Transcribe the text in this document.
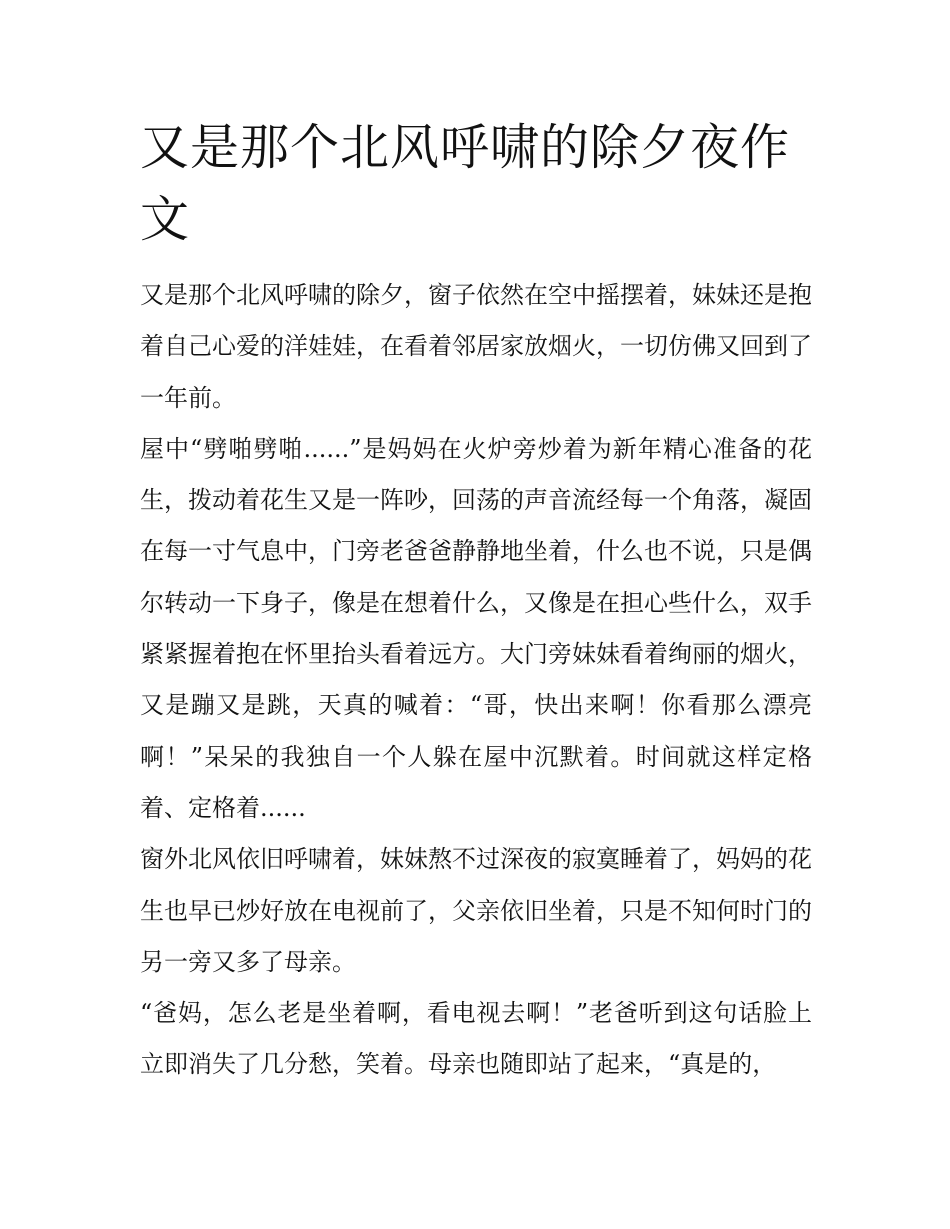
又是那个北风呼啸的除夕夜作文

又是那个北风呼啸的除夕，窗子依然在空中摇摆着，妹妹还是抱着自己心爱的洋娃娃，在看着邻居家放烟火，一切仿佛又回到了一年前。

屋中“劈啪劈啪......”是妈妈在火炉旁炒着为新年精心准备的花生，拨动着花生又是一阵吵，回荡的声音流经每一个角落，凝固在每一寸气息中，门旁老爸爸静静地坐着，什么也不说，只是偶尔转动一下身子，像是在想着什么，又像是在担心些什么，双手紧紧握着抱在怀里抬头看着远方。大门旁妹妹看着绚丽的烟火，又是蹦又是跳，天真的喊着：“哥，快出来啊！你看那么漂亮啊！”呆呆的我独自一个人躲在屋中沉默着。时间就这样定格着、定格着......

窗外北风依旧呼啸着，妹妹熬不过深夜的寂寞睡着了，妈妈的花生也早已炒好放在电视前了，父亲依旧坐着，只是不知何时门的另一旁又多了母亲。

“爸妈，怎么老是坐着啊，看电视去啊！”老爸听到这句话脸上立即消失了几分愁，笑着。母亲也随即站了起来，“真是的，
